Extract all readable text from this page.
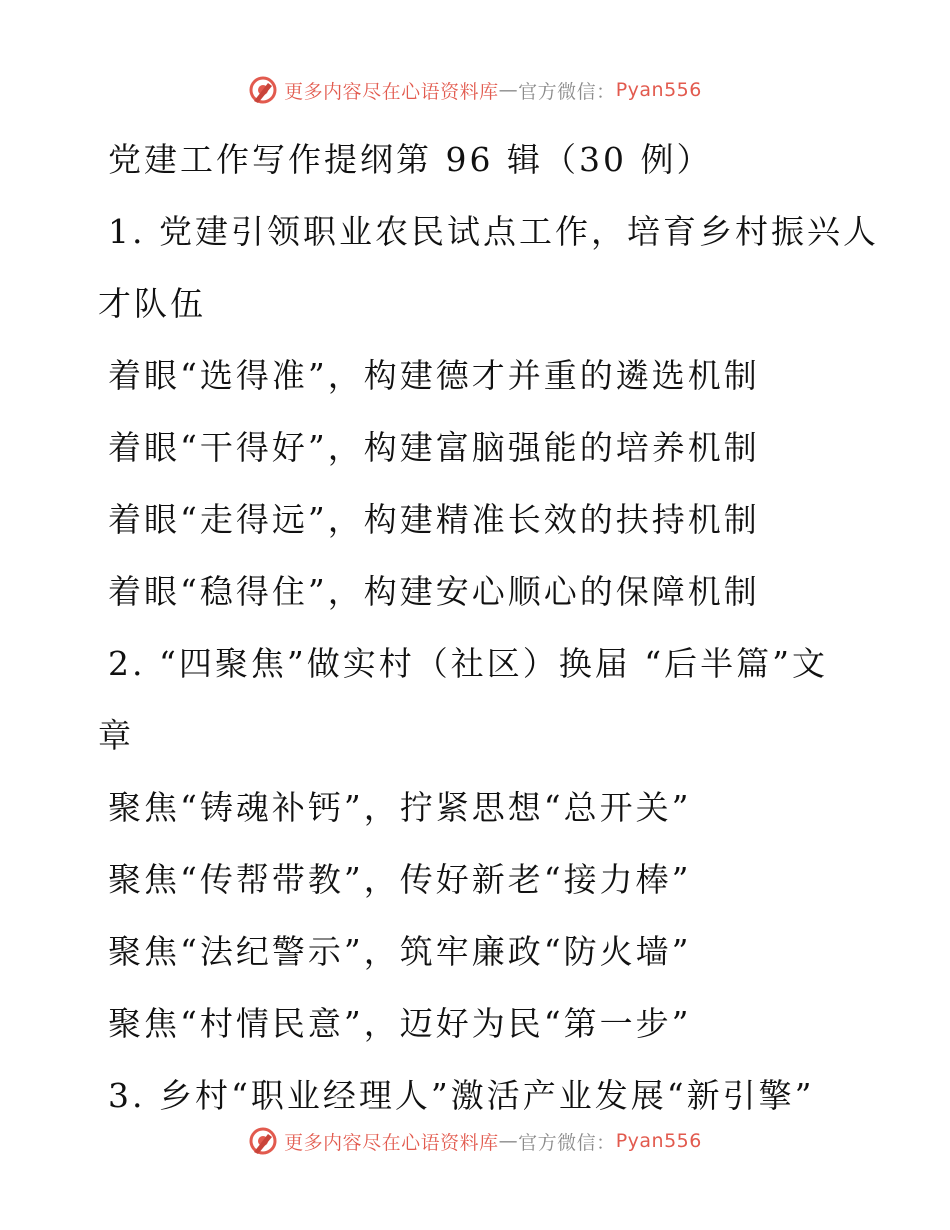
更多内容尽在心语资料库 — 官方微信： Pyan556
党建工作写作提纲第 96 辑（30 例）
1. 党建引领职业农民试点工作，培育乡村振兴人
才队伍
着眼“选得准”，构建德才并重的遴选机制
着眼“干得好”，构建富脑强能的培养机制
着眼“走得远”，构建精准长效的扶持机制
着眼“稳得住”，构建安心顺心的保障机制
2. “四聚焦”做实村（社区）换届 “后半篇”文
章
聚焦“铸魂补钙”，拧紧思想“总开关”
聚焦“传帮带教”，传好新老“接力棒”
聚焦“法纪警示”，筑牢廉政“防火墙”
聚焦“村情民意”，迈好为民“第一步”
3. 乡村“职业经理人”激活产业发展“新引擎”
更多内容尽在心语资料库 — 官方微信： Pyan556
